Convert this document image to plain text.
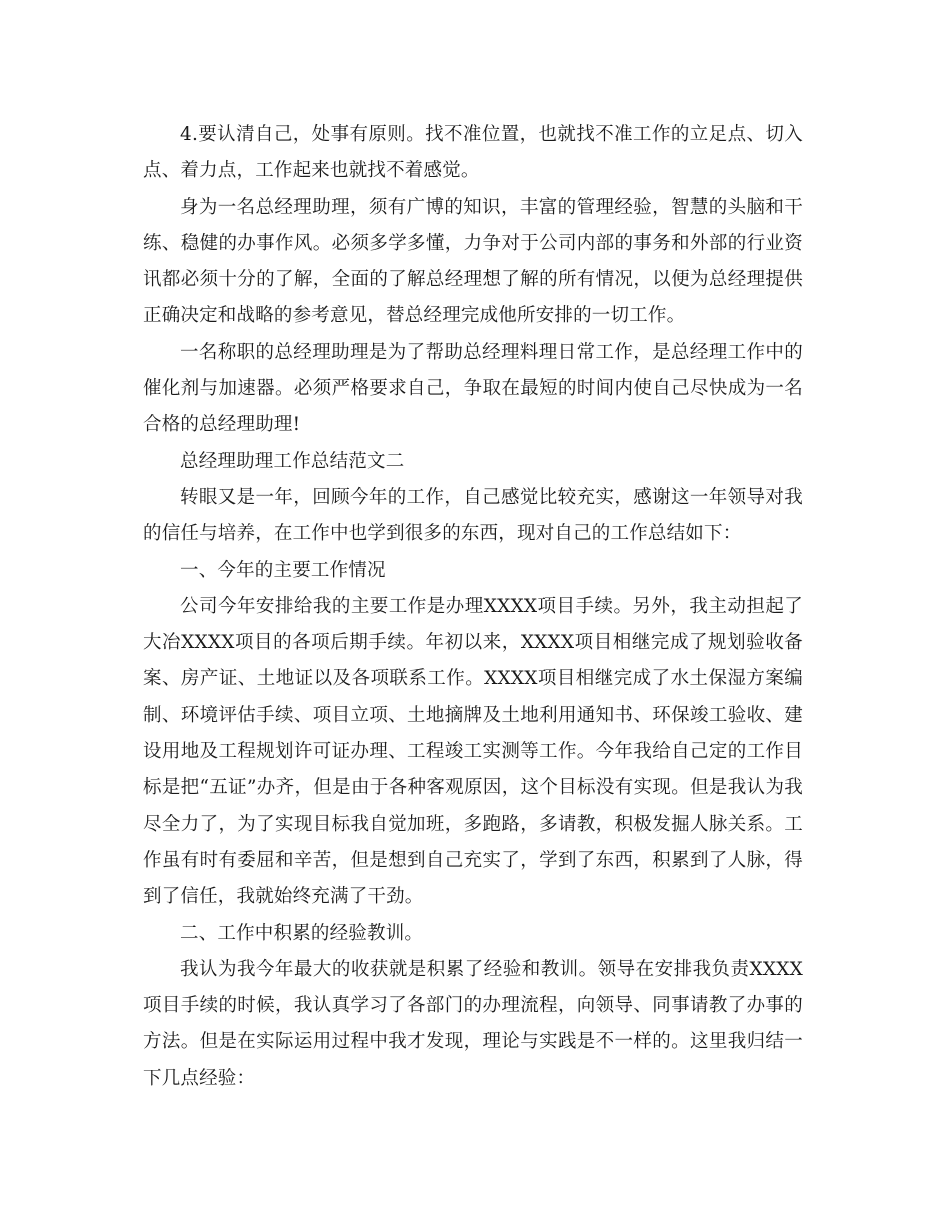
4.要认清自己，处事有原则。找不准位置，也就找不准工作的立足点、切入点、着力点，工作起来也就找不着感觉。

身为一名总经理助理，须有广博的知识，丰富的管理经验，智慧的头脑和干练、稳健的办事作风。必须多学多懂，力争对于公司内部的事务和外部的行业资讯都必须十分的了解，全面的了解总经理想了解的所有情况，以便为总经理提供正确决定和战略的参考意见，替总经理完成他所安排的一切工作。

一名称职的总经理助理是为了帮助总经理料理日常工作，是总经理工作中的催化剂与加速器。必须严格要求自己，争取在最短的时间内使自己尽快成为一名合格的总经理助理!

总经理助理工作总结范文二

转眼又是一年，回顾今年的工作，自己感觉比较充实，感谢这一年领导对我的信任与培养，在工作中也学到很多的东西，现对自己的工作总结如下：

一、今年的主要工作情况

公司今年安排给我的主要工作是办理XXXX项目手续。另外，我主动担起了大冶XXXX项目的各项后期手续。年初以来，XXXX项目相继完成了规划验收备案、房产证、土地证以及各项联系工作。XXXX项目相继完成了水土保湿方案编制、环境评估手续、项目立项、土地摘牌及土地利用通知书、环保竣工验收、建设用地及工程规划许可证办理、工程竣工实测等工作。今年我给自己定的工作目标是把“五证”办齐，但是由于各种客观原因，这个目标没有实现。但是我认为我尽全力了，为了实现目标我自觉加班，多跑路，多请教，积极发掘人脉关系。工作虽有时有委屈和辛苦，但是想到自己充实了，学到了东西，积累到了人脉，得到了信任，我就始终充满了干劲。

二、工作中积累的经验教训。

我认为我今年最大的收获就是积累了经验和教训。领导在安排我负责XXXX项目手续的时候，我认真学习了各部门的办理流程，向领导、同事请教了办事的方法。但是在实际运用过程中我才发现，理论与实践是不一样的。这里我归结一下几点经验：
